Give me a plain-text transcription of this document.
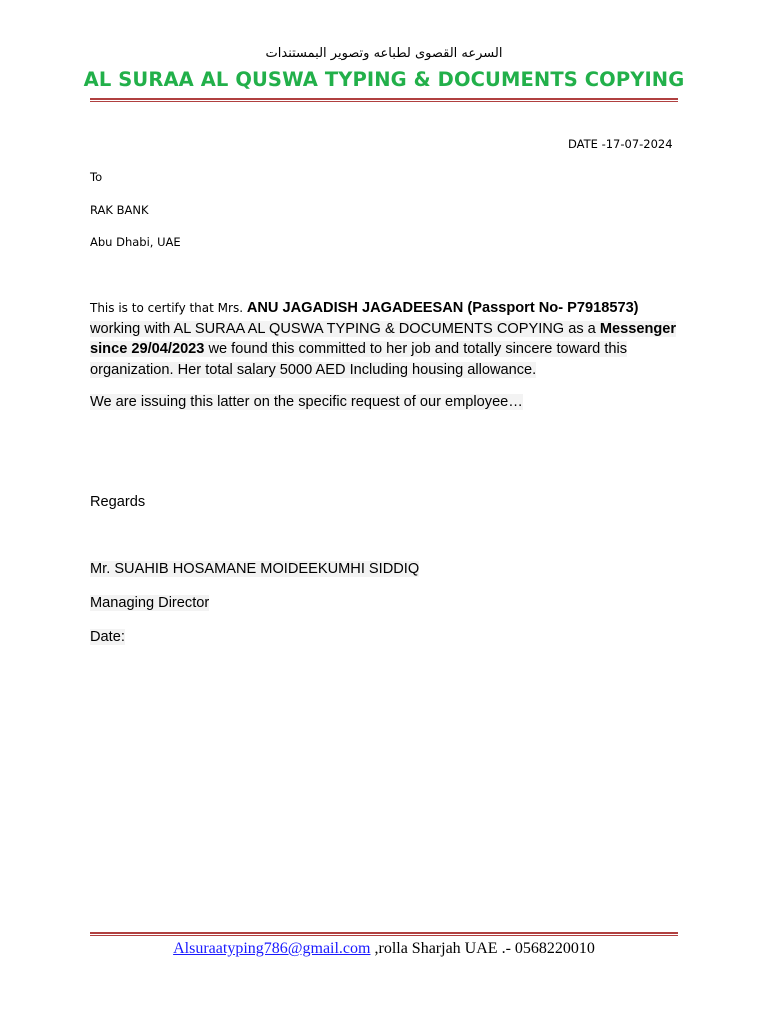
السرعه القصوى لطباعه وتصوير البمستندات
AL SURAA AL QUSWA TYPING & DOCUMENTS COPYING
DATE -17-07-2024
To
RAK BANK
Abu Dhabi, UAE
This is to certify that Mrs. ANU JAGADISH JAGADEESAN (Passport No- P7918573) working with AL SURAA AL QUSWA TYPING & DOCUMENTS COPYING as a Messenger since 29/04/2023 we found this committed to her job and totally sincere toward this organization. Her total salary 5000 AED Including housing allowance.
We are issuing this latter on the specific request of our employee…
Regards
Mr. SUAHIB HOSAMANE MOIDEEKUMHI SIDDIQ
Managing Director
Date:
Alsuraatyping786@gmail.com ,rolla Sharjah UAE .- 0568220010
